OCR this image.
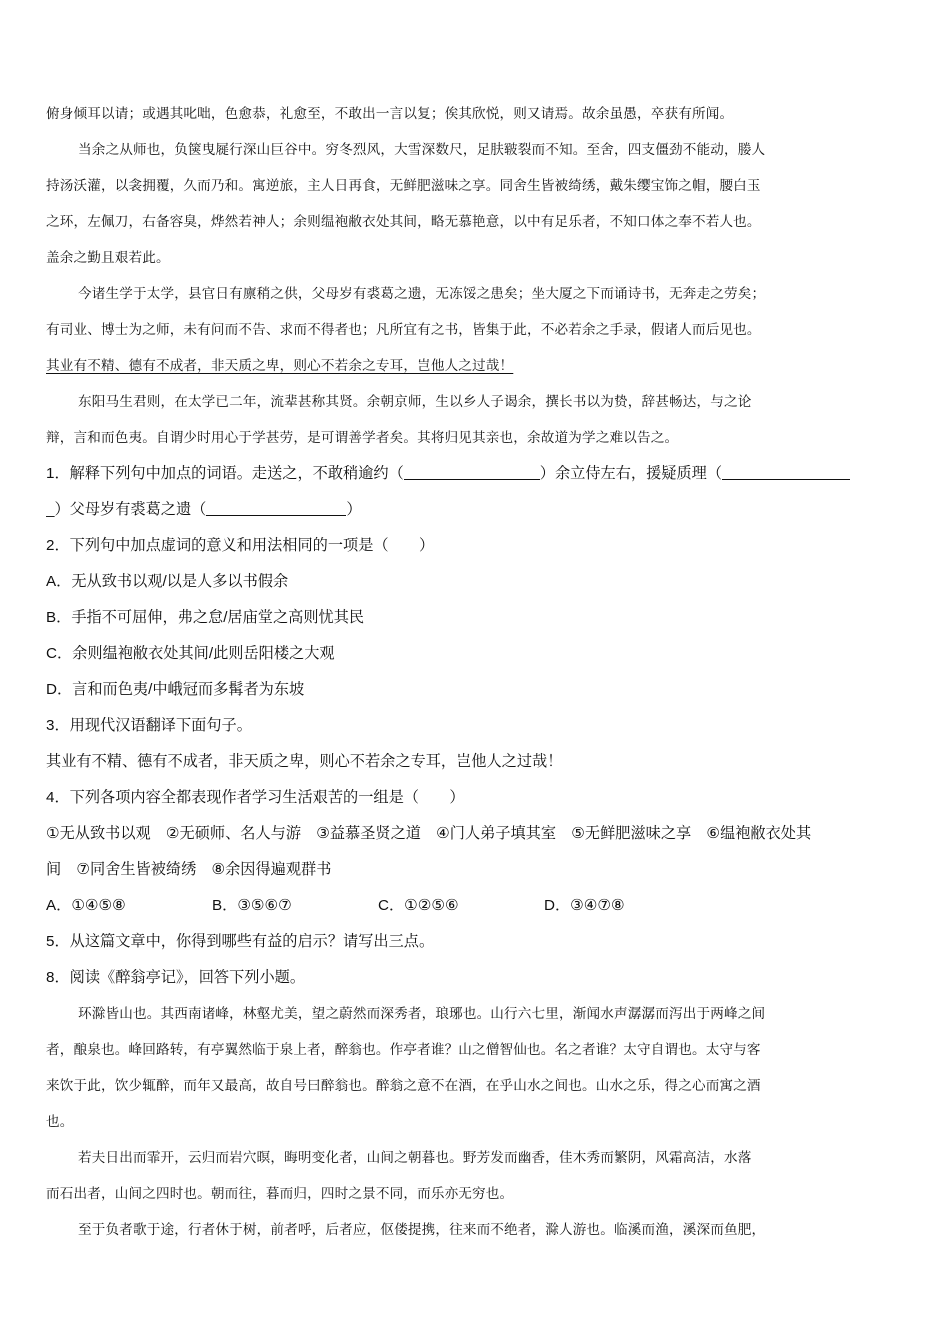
俯身倾耳以请；或遇其叱咄，色愈恭，礼愈至，不敢出一言以复；俟其欣悦，则又请焉。故余虽愚，卒获有所闻。
当余之从师也，负箧曳屣行深山巨谷中。穷冬烈风，大雪深数尺，足肤皲裂而不知。至舍，四支僵劲不能动，媵人
持汤沃灌，以衾拥覆，久而乃和。寓逆旅，主人日再食，无鲜肥滋味之享。同舍生皆被绮绣，戴朱缨宝饰之帽，腰白玉
之环，左佩刀，右备容臭，烨然若神人；余则缊袍敝衣处其间，略无慕艳意，以中有足乐者，不知口体之奉不若人也。
盖余之勤且艰若此。
今诸生学于太学，县官日有廪稍之供，父母岁有裘葛之遗，无冻馁之患矣；坐大厦之下而诵诗书，无奔走之劳矣；
有司业、博士为之师，未有问而不告、求而不得者也；凡所宜有之书，皆集于此，不必若余之手录，假诸人而后见也。
其业有不精、德有不成者，非天质之卑，则心不若余之专耳，岂他人之过哉！
东阳马生君则，在太学已二年，流辈甚称其贤。余朝京师，生以乡人子谒余，撰长书以为贽，辞甚畅达，与之论
辩，言和而色夷。自谓少时用心于学甚劳，是可谓善学者矣。其将归见其亲也，余故道为学之难以告之。
1．解释下列句中加点的词语。走送之，不敢稍逾约（	）余立侍左右，援疑质理（
_）父母岁有裘葛之遗（	）
2．下列句中加点虚词的意义和用法相同的一项是（　　）
A．无从致书以观/以是人多以书假余
B．手指不可屈伸，弗之怠/居庙堂之高则忧其民
C．余则缊袍敝衣处其间/此则岳阳楼之大观
D．言和而色夷/中峨冠而多髯者为东坡
3．用现代汉语翻译下面句子。
其业有不精、德有不成者，非天质之卑，则心不若余之专耳，岂他人之过哉！
4．下列各项内容全都表现作者学习生活艰苦的一组是（　　）
①无从致书以观　②无硕师、名人与游　③益慕圣贤之道　④门人弟子填其室　⑤无鲜肥滋味之享　⑥缊袍敝衣处其
间　⑦同舍生皆被绮绣　⑧余因得遍观群书
A．①④⑤⑧	B．③⑤⑥⑦	C．①②⑤⑥	D．③④⑦⑧
5．从这篇文章中，你得到哪些有益的启示？请写出三点。
8．阅读《醉翁亭记》，回答下列小题。
环滁皆山也。其西南诸峰，林壑尤美，望之蔚然而深秀者，琅琊也。山行六七里，渐闻水声潺潺而泻出于两峰之间
者，酿泉也。峰回路转，有亭翼然临于泉上者，醉翁也。作亭者谁？山之僧智仙也。名之者谁？太守自谓也。太守与客
来饮于此，饮少辄醉，而年又最高，故自号曰醉翁也。醉翁之意不在酒，在乎山水之间也。山水之乐，得之心而寓之酒
也。
若夫日出而霏开，云归而岩穴暝，晦明变化者，山间之朝暮也。野芳发而幽香，佳木秀而繁阴，风霜高洁，水落
而石出者，山间之四时也。朝而往，暮而归，四时之景不同，而乐亦无穷也。
至于负者歌于途，行者休于树，前者呼，后者应，伛偻提携，往来而不绝者，滁人游也。临溪而渔，溪深而鱼肥，
